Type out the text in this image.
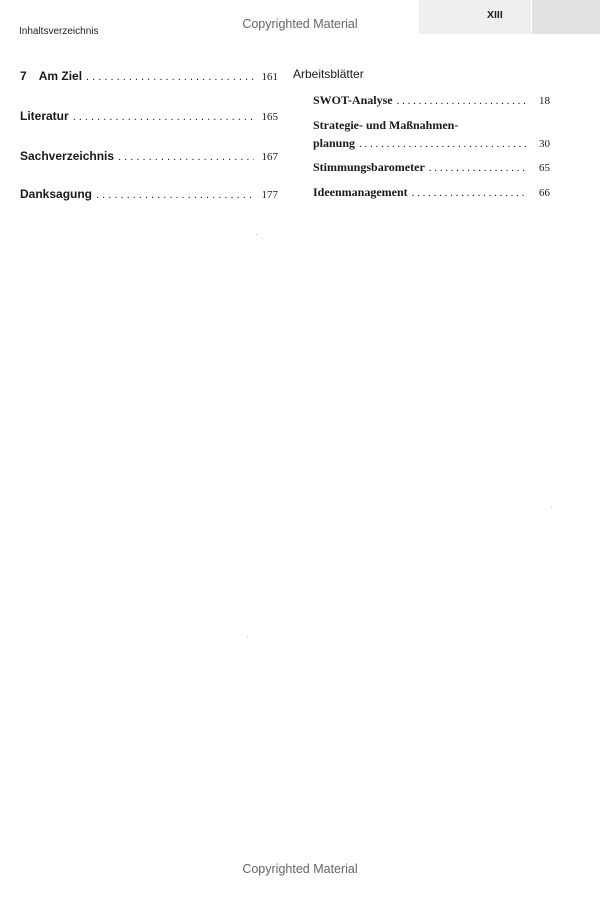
XIII
Inhaltsverzeichnis
Copyrighted Material
7 Am Ziel . . .	161
Literatur . . .	165
Sachverzeichnis . . .	167
Danksagung . . .	177
Arbeitsblätter
SWOT-Analyse . . .	18
Strategie- und Maßnahmen-
planung . . .	30
Stimmungsbarometer . . .	65
Ideenmanagement . . .	66
Copyrighted Material
